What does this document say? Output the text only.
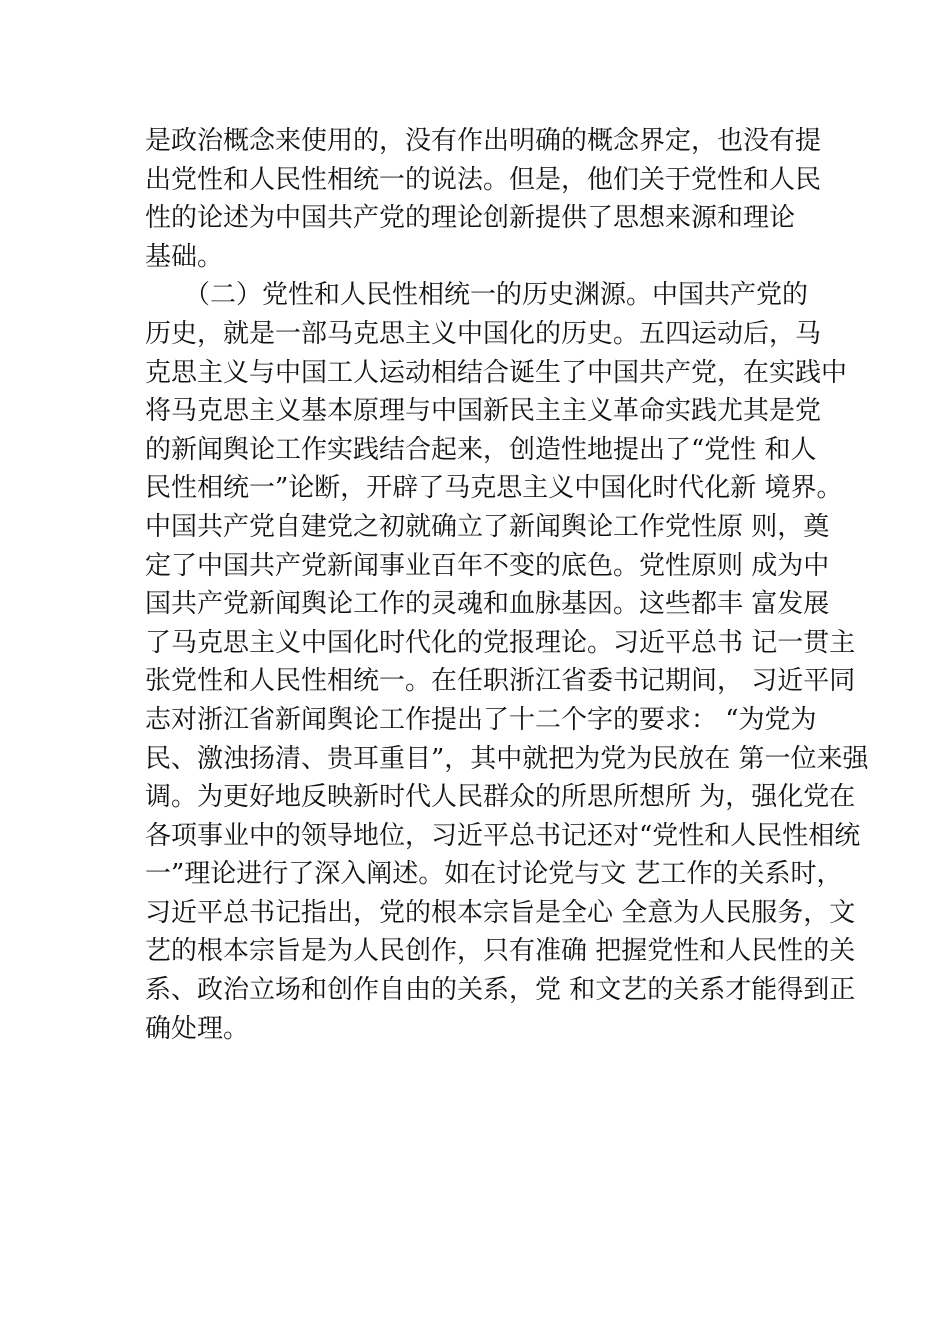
是政治概念来使用的，没有作出明确的概念界定，也没有提
出党性和人民性相统一的说法。但是，他们关于党性和人民
性的论述为中国共产党的理论创新提供了思想来源和理论
基础。
　　（二）党性和人民性相统一的历史渊源。中国共产党的
历史，就是一部马克思主义中国化的历史。五四运动后，马
克思主义与中国工人运动相结合诞生了中国共产党，在实践中
将马克思主义基本原理与中国新民主主义革命实践尤其是党
的新闻舆论工作实践结合起来，创造性地提出了“党性 和人
民性相统一”论断，开辟了马克思主义中国化时代化新 境界。
中国共产党自建党之初就确立了新闻舆论工作党性原 则，奠
定了中国共产党新闻事业百年不变的底色。党性原则 成为中
国共产党新闻舆论工作的灵魂和血脉基因。这些都丰 富发展
了马克思主义中国化时代化的党报理论。习近平总书 记一贯主
张党性和人民性相统一。在任职浙江省委书记期间， 习近平同
志对浙江省新闻舆论工作提出了十二个字的要求： “为党为
民、激浊扬清、贵耳重目”，其中就把为党为民放在 第一位来强
调。为更好地反映新时代人民群众的所思所想所 为，强化党在
各项事业中的领导地位，习近平总书记还对“党性和人民性相统
一”理论进行了深入阐述。如在讨论党与文 艺工作的关系时，
习近平总书记指出，党的根本宗旨是全心 全意为人民服务，文
艺的根本宗旨是为人民创作，只有准确 把握党性和人民性的关
系、政治立场和创作自由的关系，党 和文艺的关系才能得到正
确处理。
